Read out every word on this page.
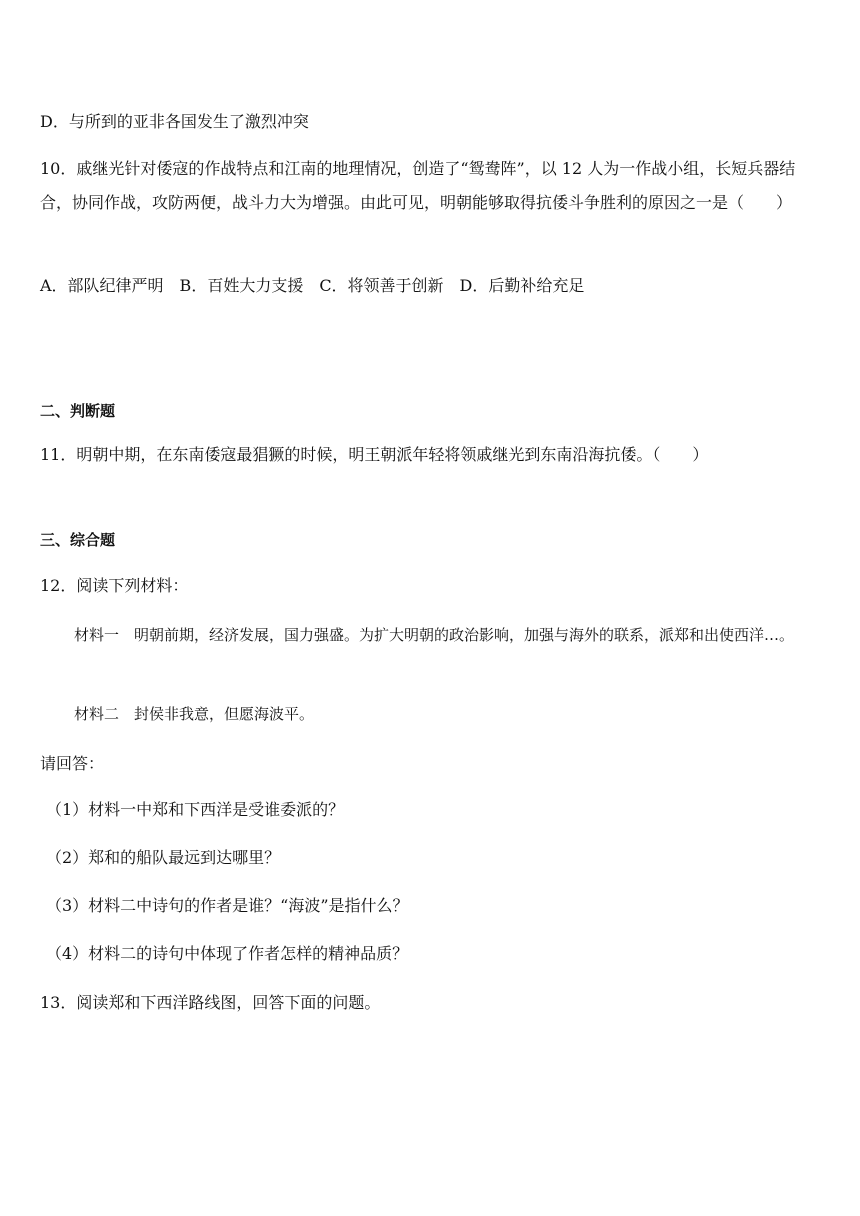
D．与所到的亚非各国发生了激烈冲突
10．戚继光针对倭寇的作战特点和江南的地理情况，创造了“鸳鸯阵”，以 12 人为一作战小组，长短兵器结合，协同作战，攻防两便，战斗力大为增强。由此可见，明朝能够取得抗倭斗争胜利的原因之一是（　　）
A．部队纪律严明　B．百姓大力支援　C．将领善于创新　D．后勤补给充足
二、判断题
11．明朝中期，在东南倭寇最猖獗的时候，明王朝派年轻将领戚继光到东南沿海抗倭。（　　）
三、综合题
12．阅读下列材料：
材料一　明朝前期，经济发展，国力强盛。为扩大明朝的政治影响，加强与海外的联系，派郑和出使西洋…。
材料二　封侯非我意，但愿海波平。
请回答：
（1）材料一中郑和下西洋是受谁委派的？
（2）郑和的船队最远到达哪里？
（3）材料二中诗句的作者是谁？“海波”是指什么？
（4）材料二的诗句中体现了作者怎样的精神品质？
13．阅读郑和下西洋路线图，回答下面的问题。
